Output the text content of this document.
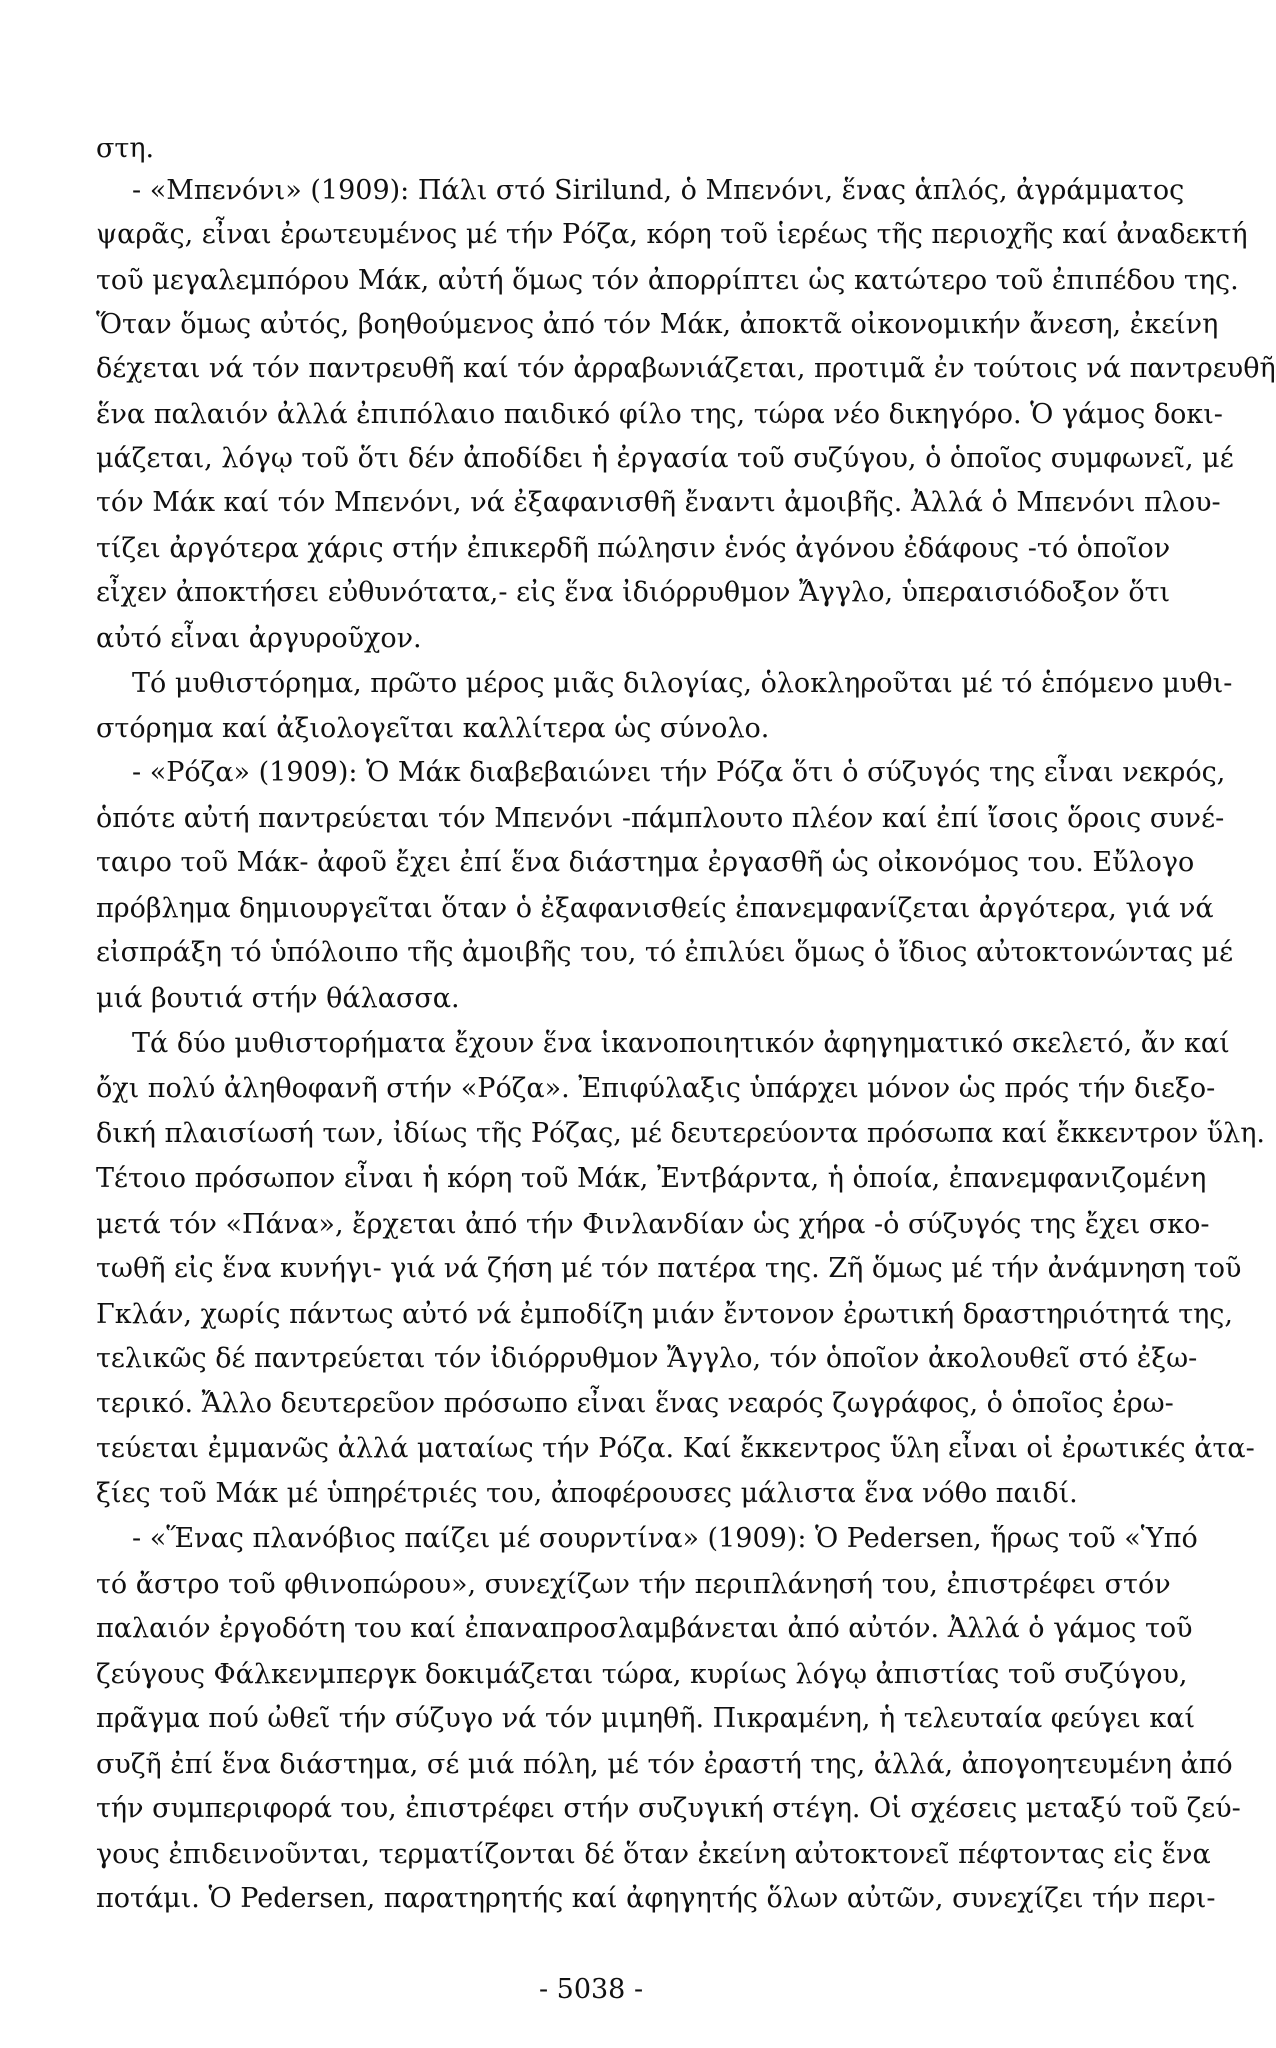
στη.
- «Μπενόνι» (1909): Πάλι στό Sirilund, ὁ Μπενόνι, ἕνας ἁπλός, ἀγράμματος
ψαρᾶς, εἶναι ἐρωτευμένος μέ τήν Ρόζα, κόρη τοῦ ἱερέως τῆς περιοχῆς καί ἀναδεκτή
τοῦ μεγαλεμπόρου Μάκ, αὐτή ὅμως τόν ἀπορρίπτει ὡς κατώτερο τοῦ ἐπιπέδου της.
Ὅταν ὅμως αὐτός, βοηθούμενος ἀπό τόν Μάκ, ἀποκτᾶ οἰκονομικήν ἄνεση, ἐκείνη
δέχεται νά τόν παντρευθῆ καί τόν ἀρραβωνιάζεται, προτιμᾶ ἐν τούτοις νά παντρευθῆ
ἕνα παλαιόν ἀλλά ἐπιπόλαιο παιδικό φίλο της, τώρα νέο δικηγόρο. Ὁ γάμος δοκι-
μάζεται, λόγῳ τοῦ ὅτι δέν ἀποδίδει ἡ ἐργασία τοῦ συζύγου, ὁ ὁποῖος συμφωνεῖ, μέ
τόν Μάκ καί τόν Μπενόνι, νά ἐξαφανισθῆ ἔναντι ἀμοιβῆς. Ἀλλά ὁ Μπενόνι πλου-
τίζει ἀργότερα χάρις στήν ἐπικερδῆ πώλησιν ἑνός ἀγόνου ἐδάφους -τό ὁποῖον
εἶχεν ἀποκτήσει εὐθυνότατα,- εἰς ἕνα ἰδιόρρυθμον Ἄγγλο, ὑπεραισιόδοξον ὅτι
αὐτό εἶναι ἀργυροῦχον.
Τό μυθιστόρημα, πρῶτο μέρος μιᾶς διλογίας, ὁλοκληροῦται μέ τό ἑπόμενο μυθι-
στόρημα καί ἀξιολογεῖται καλλίτερα ὡς σύνολο.
- «Ρόζα» (1909): Ὁ Μάκ διαβεβαιώνει τήν Ρόζα ὅτι ὁ σύζυγός της εἶναι νεκρός,
ὁπότε αὐτή παντρεύεται τόν Μπενόνι -πάμπλουτο πλέον καί ἐπί ἴσοις ὅροις συνέ-
ταιρο τοῦ Μάκ- ἀφοῦ ἔχει ἐπί ἕνα διάστημα ἐργασθῆ ὡς οἰκονόμος του. Εὔλογο
πρόβλημα δημιουργεῖται ὅταν ὁ ἐξαφανισθείς ἐπανεμφανίζεται ἀργότερα, γιά νά
εἰσπράξη τό ὑπόλοιπο τῆς ἀμοιβῆς του, τό ἐπιλύει ὅμως ὁ ἴδιος αὐτοκτονώντας μέ
μιά βουτιά στήν θάλασσα.
Τά δύο μυθιστορήματα ἔχουν ἕνα ἱκανοποιητικόν ἀφηγηματικό σκελετό, ἄν καί
ὄχι πολύ ἀληθοφανῆ στήν «Ρόζα». Ἐπιφύλαξις ὑπάρχει μόνον ὡς πρός τήν διεξο-
δική πλαισίωσή των, ἰδίως τῆς Ρόζας, μέ δευτερεύοντα πρόσωπα καί ἔκκεντρον ὕλη.
Τέτοιο πρόσωπον εἶναι ἡ κόρη τοῦ Μάκ, Ἐντβάρντα, ἡ ὁποία, ἐπανεμφανιζομένη
μετά τόν «Πάνα», ἔρχεται ἀπό τήν Φινλανδίαν ὡς χήρα -ὁ σύζυγός της ἔχει σκο-
τωθῆ εἰς ἕνα κυνήγι- γιά νά ζήση μέ τόν πατέρα της. Ζῆ ὅμως μέ τήν ἀνάμνηση τοῦ
Γκλάν, χωρίς πάντως αὐτό νά ἐμποδίζη μιάν ἔντονον ἐρωτική δραστηριότητά της,
τελικῶς δέ παντρεύεται τόν ἰδιόρρυθμον Ἄγγλο, τόν ὁποῖον ἀκολουθεῖ στό ἐξω-
τερικό. Ἄλλο δευτερεῦον πρόσωπο εἶναι ἕνας νεαρός ζωγράφος, ὁ ὁποῖος ἐρω-
τεύεται ἐμμανῶς ἀλλά ματαίως τήν Ρόζα. Καί ἔκκεντρος ὕλη εἶναι οἱ ἐρωτικές ἀτα-
ξίες τοῦ Μάκ μέ ὑπηρέτριές του, ἀποφέρουσες μάλιστα ἕνα νόθο παιδί.
- «Ἕνας πλανόβιος παίζει μέ σουρντίνα» (1909): Ὁ Pedersen, ἥρως τοῦ «Ὑπό
τό ἄστρο τοῦ φθινοπώρου», συνεχίζων τήν περιπλάνησή του, ἐπιστρέφει στόν
παλαιόν ἐργοδότη του καί ἐπαναπροσλαμβάνεται ἀπό αὐτόν. Ἀλλά ὁ γάμος τοῦ
ζεύγους Φάλκενμπεργκ δοκιμάζεται τώρα, κυρίως λόγῳ ἀπιστίας τοῦ συζύγου,
πρᾶγμα πού ὠθεῖ τήν σύζυγο νά τόν μιμηθῆ. Πικραμένη, ἡ τελευταία φεύγει καί
συζῆ ἐπί ἕνα διάστημα, σέ μιά πόλη, μέ τόν ἐραστή της, ἀλλά, ἀπογοητευμένη ἀπό
τήν συμπεριφορά του, ἐπιστρέφει στήν συζυγική στέγη. Οἱ σχέσεις μεταξύ τοῦ ζεύ-
γους ἐπιδεινοῦνται, τερματίζονται δέ ὅταν ἐκείνη αὐτοκτονεῖ πέφτοντας εἰς ἕνα
ποτάμι. Ὁ Pedersen, παρατηρητής καί ἀφηγητής ὅλων αὐτῶν, συνεχίζει τήν περι-
- 5038 -
